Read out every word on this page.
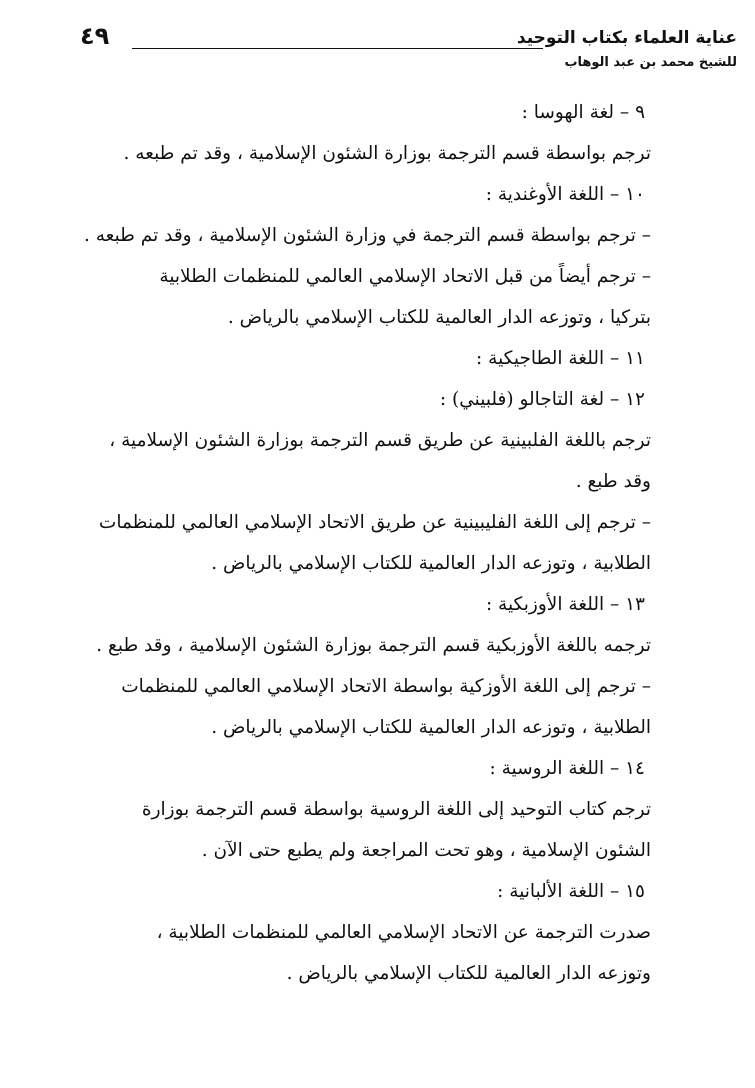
عناية العلماء بكتاب التوحيد
٤٩
للشيخ محمد بن عبد الوهاب
٩ – لغة الهوسا :
ترجم بواسطة قسم الترجمة بوزارة الشئون الإسلامية ، وقد تم طبعه .
١٠ – اللغة الأوغندية :
– ترجم بواسطة قسم الترجمة في وزارة الشئون الإسلامية ، وقد تم طبعه .
– ترجم أيضاً من قبل الاتحاد الإسلامي العالمي للمنظمات الطلابية
بتركيا ، وتوزعه الدار العالمية للكتاب الإسلامي بالرياض .
١١ – اللغة الطاجيكية :
١٢ – لغة التاجالو (فلبيني) :
ترجم باللغة الفلبينية عن طريق قسم الترجمة بوزارة الشئون الإسلامية ،
وقد طبع .
– ترجم إلى اللغة الفليبينية عن طريق الاتحاد الإسلامي العالمي للمنظمات
الطلابية ، وتوزعه الدار العالمية للكتاب الإسلامي بالرياض .
١٣ – اللغة الأوزبكية :
ترجمه باللغة الأوزبكية قسم الترجمة بوزارة الشئون الإسلامية ، وقد طبع .
– ترجم إلى اللغة الأوزكية بواسطة الاتحاد الإسلامي العالمي للمنظمات
الطلابية ، وتوزعه الدار العالمية للكتاب الإسلامي بالرياض .
١٤ – اللغة الروسية :
ترجم كتاب التوحيد إلى اللغة الروسية بواسطة قسم الترجمة بوزارة
الشئون الإسلامية ، وهو تحت المراجعة ولم يطبع حتى الآن .
١٥ – اللغة الألبانية :
صدرت الترجمة عن الاتحاد الإسلامي العالمي للمنظمات الطلابية ،
وتوزعه الدار العالمية للكتاب الإسلامي بالرياض .
